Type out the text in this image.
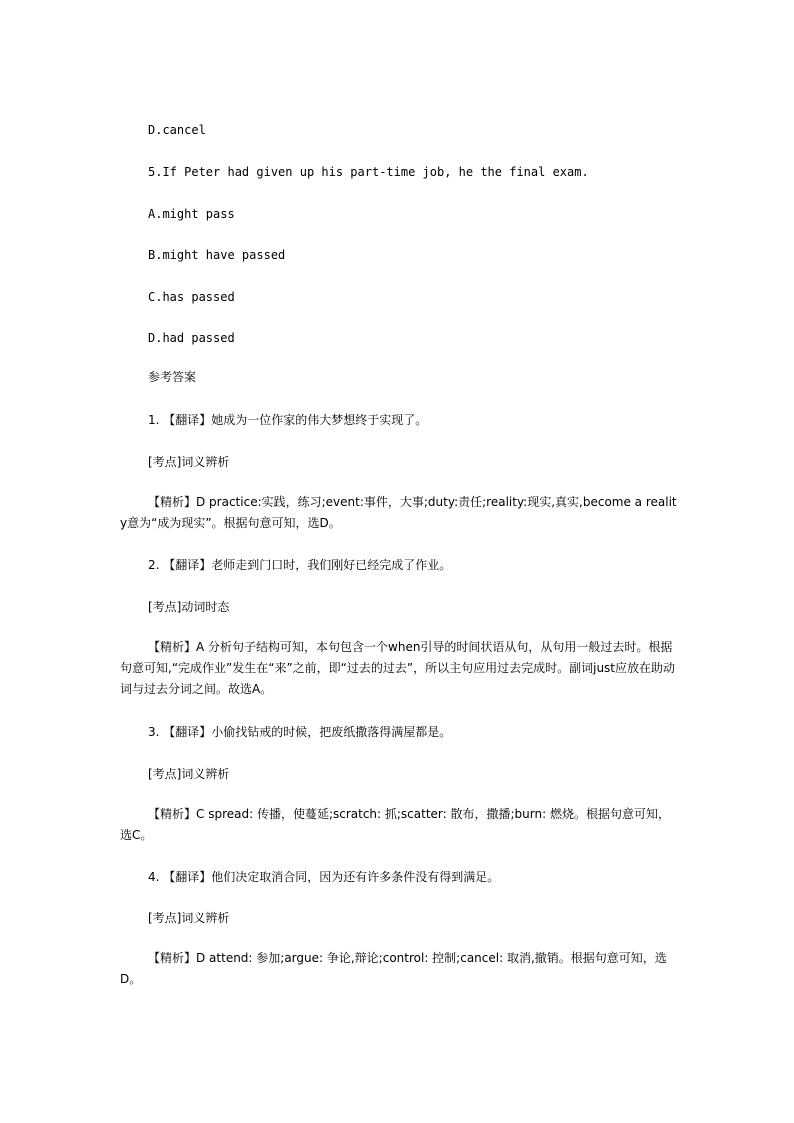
D.cancel
5.If Peter had given up his part-time job, he the final exam.
A.might pass
B.might have passed
C.has passed
D.had passed
参考答案
1. 【翻译】她成为一位作家的伟大梦想终于实现了。
[考点]词义辨析
【精析】D practice:实践，练习;event:事件，大事;duty:责任;reality:现实,真实,become a reality意为“成为现实”。根据句意可知，选D。
2. 【翻译】老师走到门口时，我们刚好已经完成了作业。
[考点]动词时态
【精析】A 分析句子结构可知，本句包含一个when引导的时间状语从句，从句用一般过去时。根据句意可知,“完成作业”发生在“来”之前，即“过去的过去”，所以主句应用过去完成时。副词just应放在助动词与过去分词之间。故选A。
3. 【翻译】小偷找钻戒的时候，把废纸撒落得满屋都是。
[考点]词义辨析
【精析】C spread: 传播，使蔓延;scratch: 抓;scatter: 散布，撒播;burn: 燃烧。根据句意可知，选C。
4. 【翻译】他们决定取消合同，因为还有许多条件没有得到满足。
[考点]词义辨析
【精析】D attend: 参加;argue: 争论,辩论;control: 控制;cancel: 取消,撤销。根据句意可知，选D。
